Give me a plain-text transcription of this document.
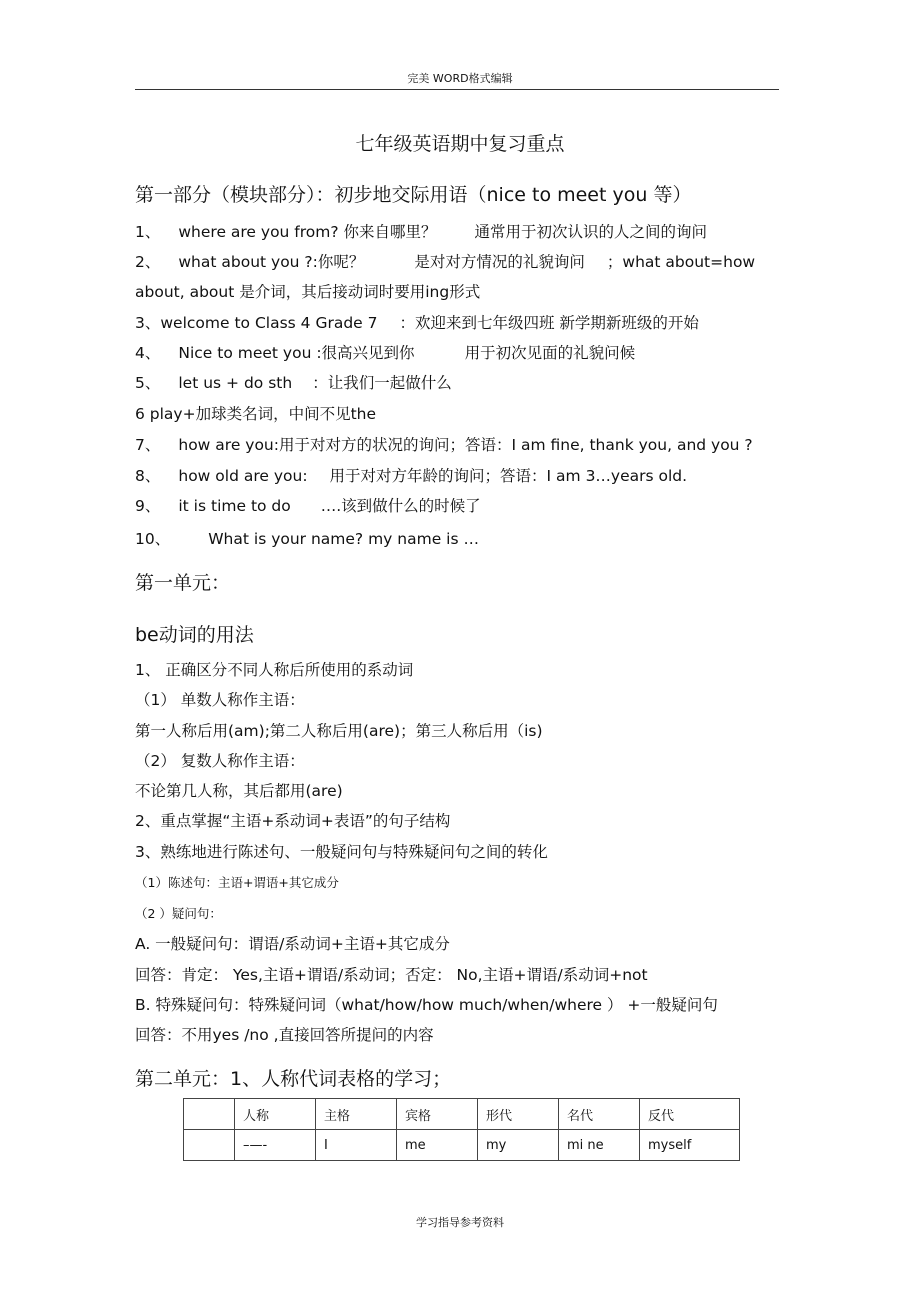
完美 WORD格式编辑
七年级英语期中复习重点
第一部分（模块部分）：初步地交际用语（nice to meet you 等）
1、 where are you from? 你来自哪里？ 通常用于初次认识的人之间的询问
2、 what about you ?:你呢？	是对对方情况的礼貌询问 ；what about=how
about, about 是介词，其后接动词时要用ing形式
3、welcome to Class 4 Grade 7 ：欢迎来到七年级四班 新学期新班级的开始
4、 Nice to meet you :很高兴见到你	用于初次见面的礼貌问候
5、 let us + do sth ：让我们一起做什么
6 play+加球类名词，中间不见the
7、 how are you:用于对对方的状况的询问；答语：I am fine, thank you, and you ?
8、 how old are you: 用于对对方年龄的询问；答语：I am 3…years old.
9、 it is time to do ….该到做什么的时候了
10、 What is your name? my name is …
第一单元：
be动词的用法
1、 正确区分不同人称后所使用的系动词
（1） 单数人称作主语：
第一人称后用(am);第二人称后用(are)；第三人称后用（is)
（2） 复数人称作主语：
不论第几人称，其后都用(are)
2、重点掌握“主语+系动词+表语”的句子结构
3、熟练地进行陈述句、一般疑问句与特殊疑问句之间的转化
（1）陈述句：主语+谓语+其它成分
（2 ）疑问句：
A. 一般疑问句：谓语/系动词+主语+其它成分
回答：肯定： Yes,主语+谓语/系动词；否定： No,主语+谓语/系动词+not
B. 特殊疑问句：特殊疑问词（what/how/how much/when/where ） +一般疑问句
回答：不用yes /no ,直接回答所提问的内容
第二单元：1、人称代词表格的学习；
	人称	主格	宾格	形代	名代	反代
	–—-	I	me	my	mi ne	myself
学习指导参考资料
